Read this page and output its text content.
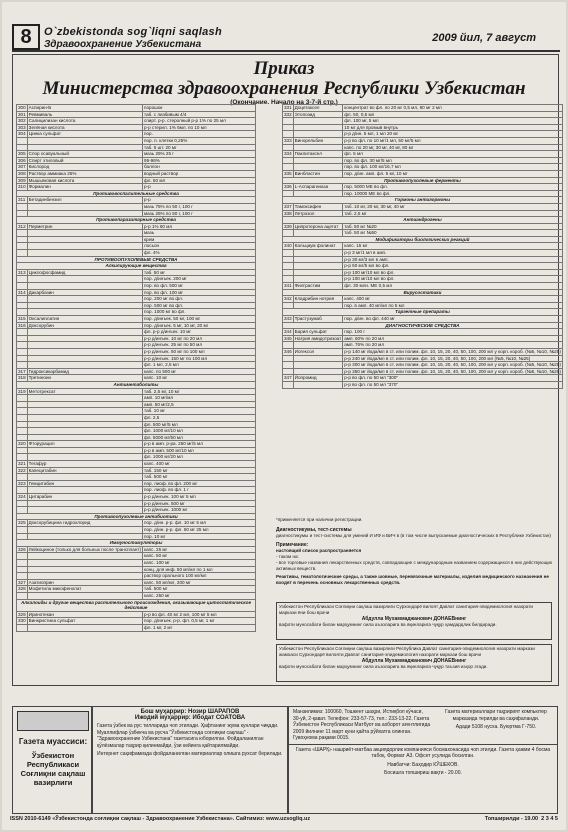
8	O`zbekistonda sog`liqni saqlash
Здравоохранение Узбекистана
2009 йил, 7 август
Приказ
Министерства здравоохранения Республики Узбекистан
(Окончание. Начало на 3-7-й стр.)
300	Аспирин-Б	порошок
301	Ревмиваль	таб. с лизбивым 4/4
302	Салицилизан кислота	спирт. р-р. стеролный р-р 1% по 25 мл
303	Зелёная кислота	р-р стерил. 1% 5мл. по 10 мл
304	Цинка сульфат	пор.
		пор. п. клетки 0,25%
		таб. 5 шт. 20 мг
305	Спор осавуальный	мазь 25% 25 г
306	Спирт этиловый	95-96%
307	Кислород	баллон
308	Раствор аммиака 25%	водный раствор
309	Мышьяковая кислота	фл. 50 мл
310	Формалин	р-р
Противовоспалительные средства		
311	Бетадинбензил	р-р
		мазь 75% по 50 г, 100 г
		мазь 25% по 50 г, 100 г
Противопаразитарные средства		
312	Перметрин	р-р 1% 60 мл
		мазь
		крем
		лосьон
		фл. 4%
ПРОТИВООПУХОЛЕВЫЕ СРЕДСТВА		
Алкилирующие вещества		
313	Циклофосфамид	таб. 50 мг
		пор. д/инъек. 200 мг
		пор. во фл. 500 мг
314	Дакарбазин	пор. во фл. 100 мг
		пор. 200 мг во фл.
		пор. 500 мг во фл.
		пор. 1000 мг во фл.
315	Оксалиплатин	пор. д/инъек. 50 мг, 100 мг
316	Доксорубин	пор. д/инъек. 5 мг, 10 мг, 20 мг
		фл. р-р д/инъек. 10 мг
		р-р д/инъек. 10 мг по 20 мл
		р-р д/инъек. 25 мг по 50 мл
		р-р д/инъек. 50 мг по 100 мл
		р-р д/инъек. 150 мг по 100 мл
		фл. 1 мл, 2,5 мл
317	Гидроксикарбамид	капс. по 500 мг
318	Третиноин	капс. 10 мг
Антиметаболиты		
319	Метотрексат	таб. 2,5 мг, 10 мг
		амп. 10 мг/мл
		амп. 50 мг/2,5
		таб. 10 мг
		фл. 2,5
		фл. 500 мг/5 мл
		фл. 1000 мг/10 мл
		фл. 5000 мг/50 мл
320	Фторурацил	р-р в амп. р-ра. 250 мг/5 мл
		р-р в амп. 500 мг/10 мл
		фл. 1000 мг/20 мл
321	Тегафур	капс. 400 мг
322	Капецитабин	таб. 150 мг
		таб. 500 мг
323	Гемцитабин	пор. лиоф. во фл. 200 мг
		пор. лиоф. во фл. 1 г
324	Цитарабин	р-р д/инъек. 100 мг 5 мл
		р-р д/инъек. 500 мг
		р-р д/инъек. 1000 мг
Противоопухолевые антибиотики		
325	Доксорубицина гидрохлорид	пор. д/ин. р-р. фл. 10 мг 5 мл
		пор. д/ин. р-р. фл. 50 мг 25 мл
		пор. 10 мг
Иммуностимуляторы		
326	Лейкоцинон (только для больных после трансплант)	капс. 25 мг
		капс. 50 мг
		капс. 100 мг
		конц. для инф. 50 мг/мл по 1 мл
		раствор орального 100 мг/мл
327	Азатиоприн	капс. 50 мг/мл, 200 мг
328	Мофетила микофенолат	таб. 500 мг
		капс. 250 мг
Алкалоиды и другие вещества растительного происхождения, оказывающие цитостатическое действие		
329	Иринотекан	р-р во фл. 40 мг 2 мл, 100 мг 5 мл
330	Винкристина сульфат	пор. д/инъек. р-р. фл. 0,5 мг, 1 мг
		фл. 1 мг, 2 мг
331	Доцетаксел	концентрат во фл. по 20 мг 0,5 мл, 80 мг 2 мл
332	Этопозид	фл. 50, 0,5 мл
		фл. 100 мг, 5 мл
		10 мг для промыв внутрь
		р-р д/ин. 5 мл, 1 мл 20 мг
333	Винорельбин	р-р во фл. по 10 мг/1 мл, 50 мг/5 мл
		капс. по 20 мг, 30 мг, 40 мг, 80 мг
334	Паклитаксел	фл. 5 мл
		пор. во фл. 30 мг/5 мл
		пор. во фл. 100 мг/16,7 мл
335	Винбластин	пор. д/ин. амп. фл. 5 мг, 10 мг
Противоопухолевые ферменты		
336	L-Аспарагиназа	пор. 5000 ME во фл.
		пор. 10000 ME во фл.
Гормоны антигормоны		
337	Тамоксифен	таб. 10 мг, 20 мг, 30 мг, 40 мг
338	Летрозол	таб. 2,5 мг
Антиандрогены		
339	Ципротерона ацетат	таб. 50 мг №20
		таб. 50 мг №50
Модификаторы биологических реакций		
340	Кальциум фолинат	капс. 15 мг
		р-р 3 мг/1 мл в амп.
		р-р 30 мг/3 мл в амп.
		р-р 50 мг/5 мл во фл.
		р-р 100 мг/10 мл во фл.
		р-р 100 мг/10 мл во фл.
341	Филграстим	фл. 30 млн. МЕ 0,5 мл
Вирусостатики		
342	Кладрибин нотрия	капс. 400 мг
		пор. в амп. 40 мг/мл по 5 мл
Таргетные препараты		
343	Трастузумаб	пор. д/ин. во фл. 440 мг
ДИАГНОСТИЧЕСКИЕ СРЕДСТВА		
344	Бария сульфат	пор. 100 г
345	Натрия амидотризоат	амп. 60% по 20 мл
		амп. 76% по 20 мл
346	Иогексол	р-р 140 мг йода/мл в ст. или полим. фл. 10, 15, 20, 40, 50, 100, 200 мл у корп. короб. (№5, №10, №25)
		р-р 240 мг йода/мл в ст. или полим. фл. 10, 15, 20, 40, 50, 100, 200 мл (№5, №10, №25)
		р-р 300 мг йода/мл в ст. или полим. фл. 10, 15, 20, 40, 50, 100, 200 мл у корп. короб. (№5, №10, №25)
		р-р 350 мг йода/мл в ст. или полим. фл. 10, 15, 20, 40, 50, 100, 200 мл у корп. короб. (№5, №10, №25)
347	Йопромид	р-р во фл. по 50 мл "300"
		р-р во фл. по 50 мл "370"
*применяется при наличии регистрации.
Диагностикумы, тест-системы
диагностикумы и тест-системы для умений И ИФ и ВИЧ в (в том числе выпускаемые диагностических в Республике Узбекистан)
Примечание:
настоящий список распространяется
- таком на:
- все торговые названия лекарственных средств, совпадающие с международным названием содержащихся в них действующих активных веществ.
Реактивы, гематологические среды, а также шовные, перевязочные материалы, изделия медицинского назначения не входят в перечень основных лекарственных средств.
Узбекистон Республикаси Соғлиқни сақлаш вазирлиги Сурхондарё вилоят Давлат санитария-эпидемиология назорати маркази ёни бош врачи
Абдулла Мухаммаджанович ДОНАЕВнинг
вафоти муносабати билан марҳумнинг оила аъзоларига ва яқинларига чуқур ҳамдардлик билдиради.
Узбекистон Республикаси Соғлиқни сақлаш вазирлиги Республика Давлат санитария-эпидемиология назорати маркази жамоаси Сурхондарё вилояти Давлат санитария-эпидемиология назорати маркази бош врачи
Абдулла Мухаммаджанович ДОНАЕВнинг
вафоти муносабати билан марҳумнинг оила аъзоларига ва яқинларига чуқур таъзия изҳор этади.
Газета муассиси:
Ўзбекистон Республикаси Соғлиқни сақлаш вазирлиги
Бош муҳаррир: Нозир ШАРАПОВ
Ижодий муҳаррир: Ибодат СОАТОВА
Газета ўзбек ва рус тилларида чоп этилади. Ҳафтанинг жума кунлари чиқади. Муаллифлар ўзбекча ва русча "Ўзбекистонда соғлиқни сақлаш" - "Здравоохранение Узбекистана" газетасига юборилган. Фойдаланилган қўлёзмалар таҳрир қилинмайди, ўзи кейинга қайтарилмайди.
Интернет саҳифамизда фойдаланилган материаллар олишга рухсат берилади.
Манзилимиз: 100060, Тошкент шаҳри, Истиқбол кўчаси, 30-уй, 2-қават. Телефон: 233-57-73, тел.: 233-13-22. Газета Ўзбекистон Республикаси Матбуот ва ахборот агентлигида 2009 йилнинг 11 март куни қайта рўйхатга олинган. Гувоҳнома рақами 0015.
Газета материаллари таҳририят компьютер марказида терилди ва саҳифаланди.
Адади 5108 нусха. Буюртма Г-750.
Газета «ШАРҚ» нашриёт-матбаа акциядорлик компанияси босмахонасида чоп этилди. Газета ҳажми 4 босма табоқ. Формат А3. Офсет усулида босилган.
Навбатчи: Баҳодир КЎШЕКОВ.
Босишга топшириш вақти - 20.00.
ISSN 2010-6149 «Ўзбекистонда соғлиқни сақлаш - Здравоохранение Узбекистана». Сайтимиз: www.uzsogliq.uz	Топширилди - 19.00 2 3 4 5
